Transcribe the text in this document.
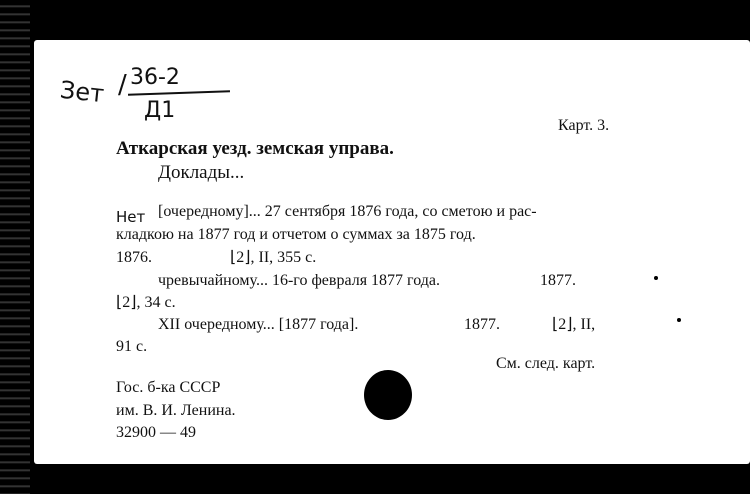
Зет / 36-2
Д1
Карт. 3.
Аткарская уезд. земская управа.
Доклады...
Нет [очередному]... 27 сентября 1876 года, со сметою и рас-
кладкою на 1877 год и отчетом о суммах за 1875 год.
1876.	⌊2⌋, II, 355 с.
чревычайному... 16-го февраля 1877 года.	1877.
⌊2⌋, 34 с.
XII очередному... [1877 года].	1877.	⌊2⌋, II,
91 с.
См. след. карт.
Гос. б-ка СССР
им. В. И. Ленина.
32900 — 49
